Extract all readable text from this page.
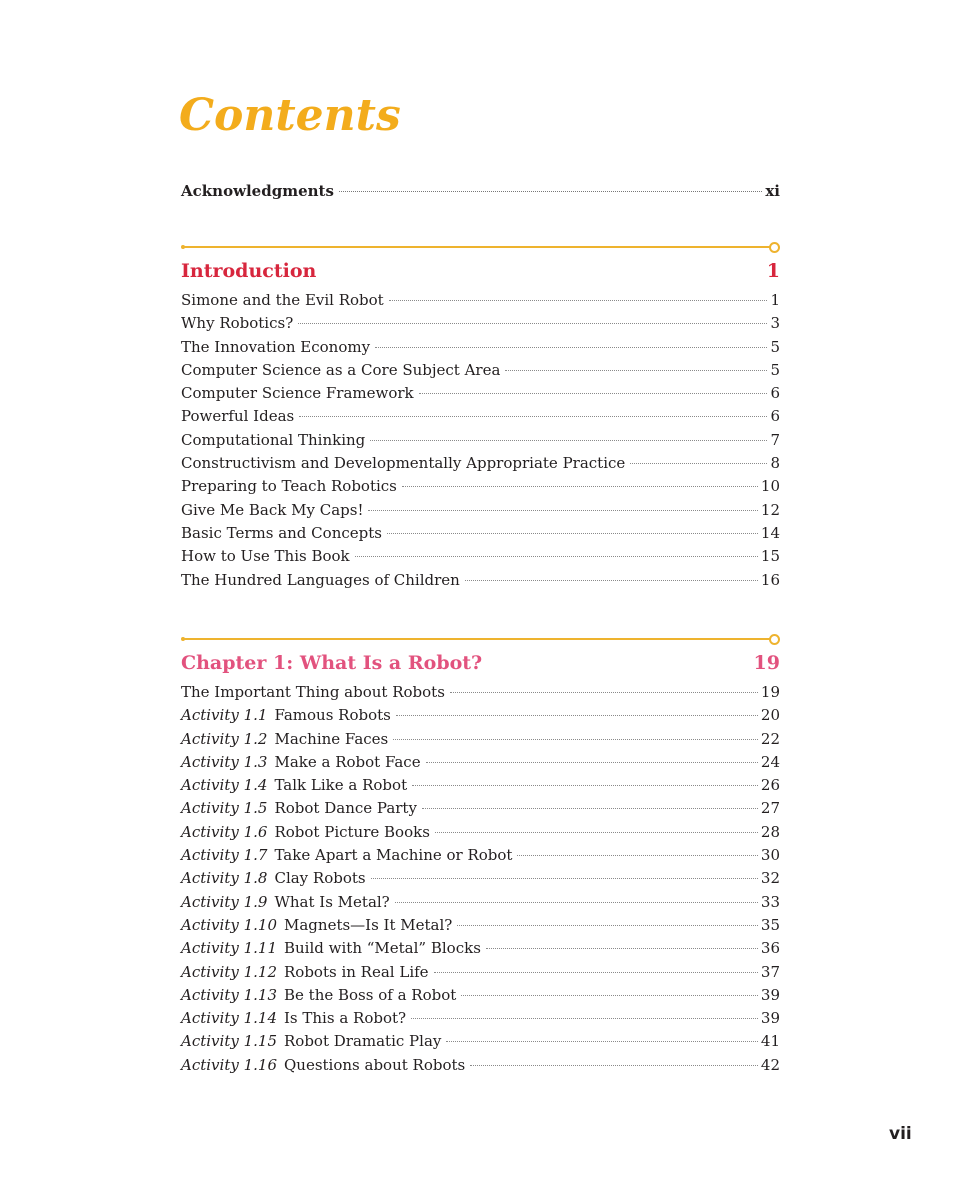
Contents
Acknowledgments	xi
Introduction	1
Simone and the Evil Robot	1
Why Robotics?	3
The Innovation Economy	5
Computer Science as a Core Subject Area	5
Computer Science Framework	6
Powerful Ideas	6
Computational Thinking	7
Constructivism and Developmentally Appropriate Practice	8
Preparing to Teach Robotics	10
Give Me Back My Caps!	12
Basic Terms and Concepts	14
How to Use This Book	15
The Hundred Languages of Children	16
Chapter 1: What Is a Robot?	19
The Important Thing about Robots	19
Activity 1.1 Famous Robots	20
Activity 1.2 Machine Faces	22
Activity 1.3 Make a Robot Face	24
Activity 1.4 Talk Like a Robot	26
Activity 1.5 Robot Dance Party	27
Activity 1.6 Robot Picture Books	28
Activity 1.7 Take Apart a Machine or Robot	30
Activity 1.8 Clay Robots	32
Activity 1.9 What Is Metal?	33
Activity 1.10 Magnets—Is It Metal?	35
Activity 1.11 Build with “Metal” Blocks	36
Activity 1.12 Robots in Real Life	37
Activity 1.13 Be the Boss of a Robot	39
Activity 1.14 Is This a Robot?	39
Activity 1.15 Robot Dramatic Play	41
Activity 1.16 Questions about Robots	42
vii
